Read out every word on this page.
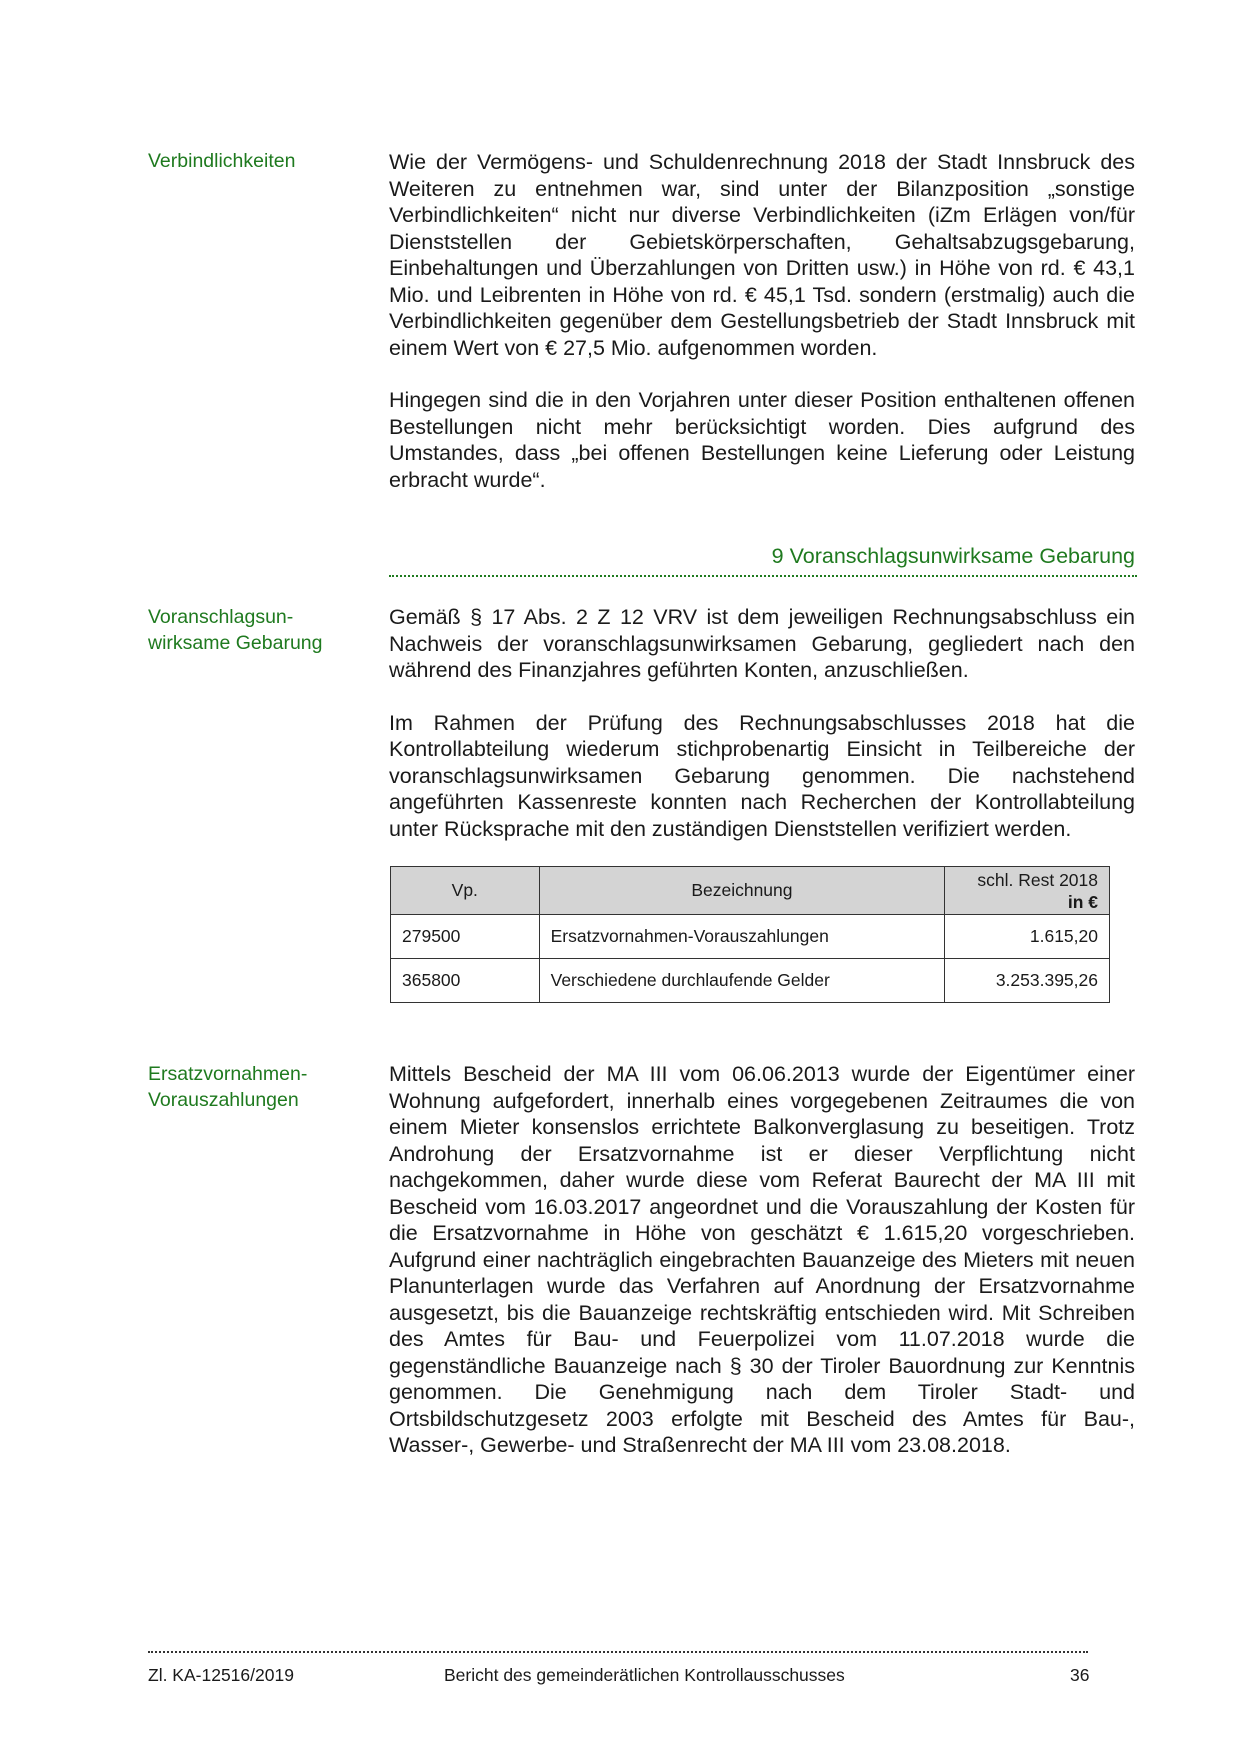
Verbindlichkeiten	Wie der Vermögens- und Schuldenrechnung 2018 der Stadt Innsbruck des Weiteren zu entnehmen war, sind unter der Bilanzposition „sonstige Verbindlichkeiten“ nicht nur diverse Verbindlichkeiten (iZm Erlägen von/für Dienststellen der Gebietskörperschaften, Gehaltsabzugsgebarung, Einbehaltungen und Überzahlungen von Dritten usw.) in Höhe von rd. € 43,1 Mio. und Leibrenten in Höhe von rd. € 45,1 Tsd. sondern (erstmalig) auch die Verbindlichkeiten gegenüber dem Gestellungsbetrieb der Stadt Innsbruck mit einem Wert von € 27,5 Mio. aufgenommen worden.

Hingegen sind die in den Vorjahren unter dieser Position enthaltenen offenen Bestellungen nicht mehr berücksichtigt worden. Dies aufgrund des Umstandes, dass „bei offenen Bestellungen keine Lieferung oder Leistung erbracht wurde“.

9 Voranschlagsunwirksame Gebarung
Voranschlagsun-
wirksame Gebarung

Gemäß § 17 Abs. 2 Z 12 VRV ist dem jeweiligen Rechnungsabschluss ein Nachweis der voranschlagsunwirksamen Gebarung, gegliedert nach den während des Finanzjahres geführten Konten, anzuschließen.

Im Rahmen der Prüfung des Rechnungsabschlusses 2018 hat die Kontrollabteilung wiederum stichprobenartig Einsicht in Teilbereiche der voranschlagsunwirksamen Gebarung genommen. Die nachstehend angeführten Kassenreste konnten nach Recherchen der Kontrollabteilung unter Rücksprache mit den zuständigen Dienststellen verifiziert werden.

Vp.	Bezeichnung	schl. Rest 2018
in €
279500	Ersatzvornahmen-Vorauszahlungen	1.615,20
365800	Verschiedene durchlaufende Gelder	3.253.395,26
Ersatzvornahmen-
Vorauszahlungen

Mittels Bescheid der MA III vom 06.06.2013 wurde der Eigentümer einer Wohnung aufgefordert, innerhalb eines vorgegebenen Zeitraumes die von einem Mieter konsenslos errichtete Balkonverglasung zu beseitigen. Trotz Androhung der Ersatzvornahme ist er dieser Verpflichtung nicht nachgekommen, daher wurde diese vom Referat Baurecht der MA III mit Bescheid vom 16.03.2017 angeordnet und die Vorauszahlung der Kosten für die Ersatzvornahme in Höhe von geschätzt € 1.615,20 vorgeschrieben. Aufgrund einer nachträglich eingebrachten Bauanzeige des Mieters mit neuen Planunterlagen wurde das Verfahren auf Anordnung der Ersatzvornahme ausgesetzt, bis die Bauanzeige rechtskräftig entschieden wird. Mit Schreiben des Amtes für Bau- und Feuerpolizei vom 11.07.2018 wurde die gegenständliche Bauanzeige nach § 30 der Tiroler Bauordnung zur Kenntnis genommen. Die Genehmigung nach dem Tiroler Stadt- und Ortsbildschutzgesetz 2003 erfolgte mit Bescheid des Amtes für Bau-, Wasser-, Gewerbe- und Straßenrecht der MA III vom 23.08.2018.

Zl. KA-12516/2019	Bericht des gemeinderätlichen Kontrollausschusses	36
